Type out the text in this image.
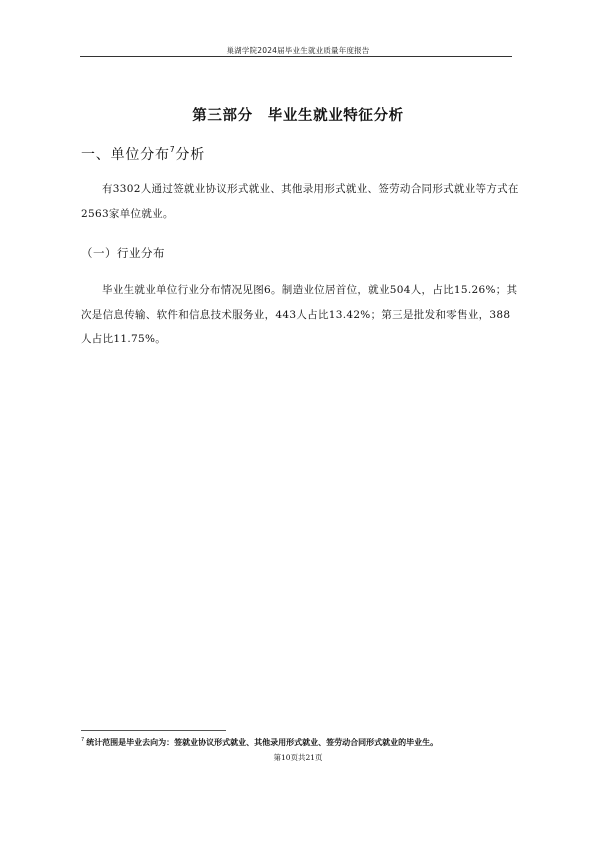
巢湖学院2024届毕业生就业质量年度报告
第三部分　毕业生就业特征分析
一、单位分布$^7$分析

有3302人通过签就业协议形式就业、其他录用形式就业、签劳动合同形式就业等方式在2563家单位就业。

（一）行业分布

毕业生就业单位行业分布情况见图6。制造业位居首位，就业504人，占比15.26%；其次是信息传输、软件和信息技术服务业，443人占比13.42%；第三是批发和零售业，388人占比11.75%。

$^7$ 统计范围是毕业去向为：签就业协议形式就业、其他录用形式就业、签劳动合同形式就业的毕业生。
第10页共21页
